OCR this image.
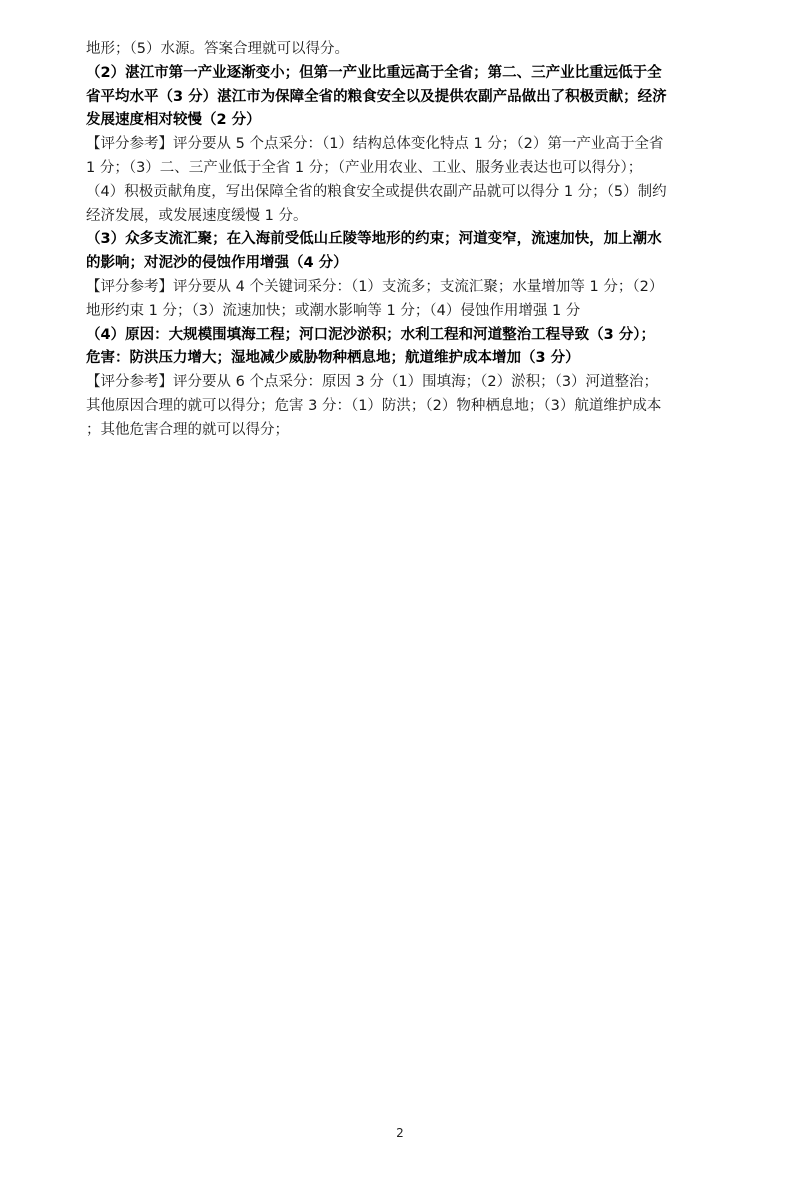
地形；（5）水源。答案合理就可以得分。
（2）湛江市第一产业逐渐变小；但第一产业比重远高于全省；第二、三产业比重远低于全
省平均水平（3 分）湛江市为保障全省的粮食安全以及提供农副产品做出了积极贡献；经济
发展速度相对较慢（2 分）
【评分参考】评分要从 5 个点采分：（1）结构总体变化特点 1 分；（2）第一产业高于全省
1 分；（3）二、三产业低于全省 1 分；（产业用农业、工业、服务业表达也可以得分）；
（4）积极贡献角度，写出保障全省的粮食安全或提供农副产品就可以得分 1 分；（5）制约
经济发展，或发展速度缓慢 1 分。
（3）众多支流汇聚；在入海前受低山丘陵等地形的约束；河道变窄，流速加快，加上潮水
的影响；对泥沙的侵蚀作用增强（4 分）
【评分参考】评分要从 4 个关键词采分：（1）支流多；支流汇聚；水量增加等 1 分；（2）
地形约束 1 分；（3）流速加快；或潮水影响等 1 分；（4）侵蚀作用增强 1 分
（4）原因：大规模围填海工程；河口泥沙淤积；水利工程和河道整治工程导致（3 分）；
危害：防洪压力增大；湿地减少威胁物种栖息地；航道维护成本增加（3 分）
【评分参考】评分要从 6 个点采分：原因 3 分（1）围填海；（2）淤积；（3）河道整治；
其他原因合理的就可以得分；危害 3 分：（1）防洪；（2）物种栖息地；（3）航道维护成本
；其他危害合理的就可以得分；
2
